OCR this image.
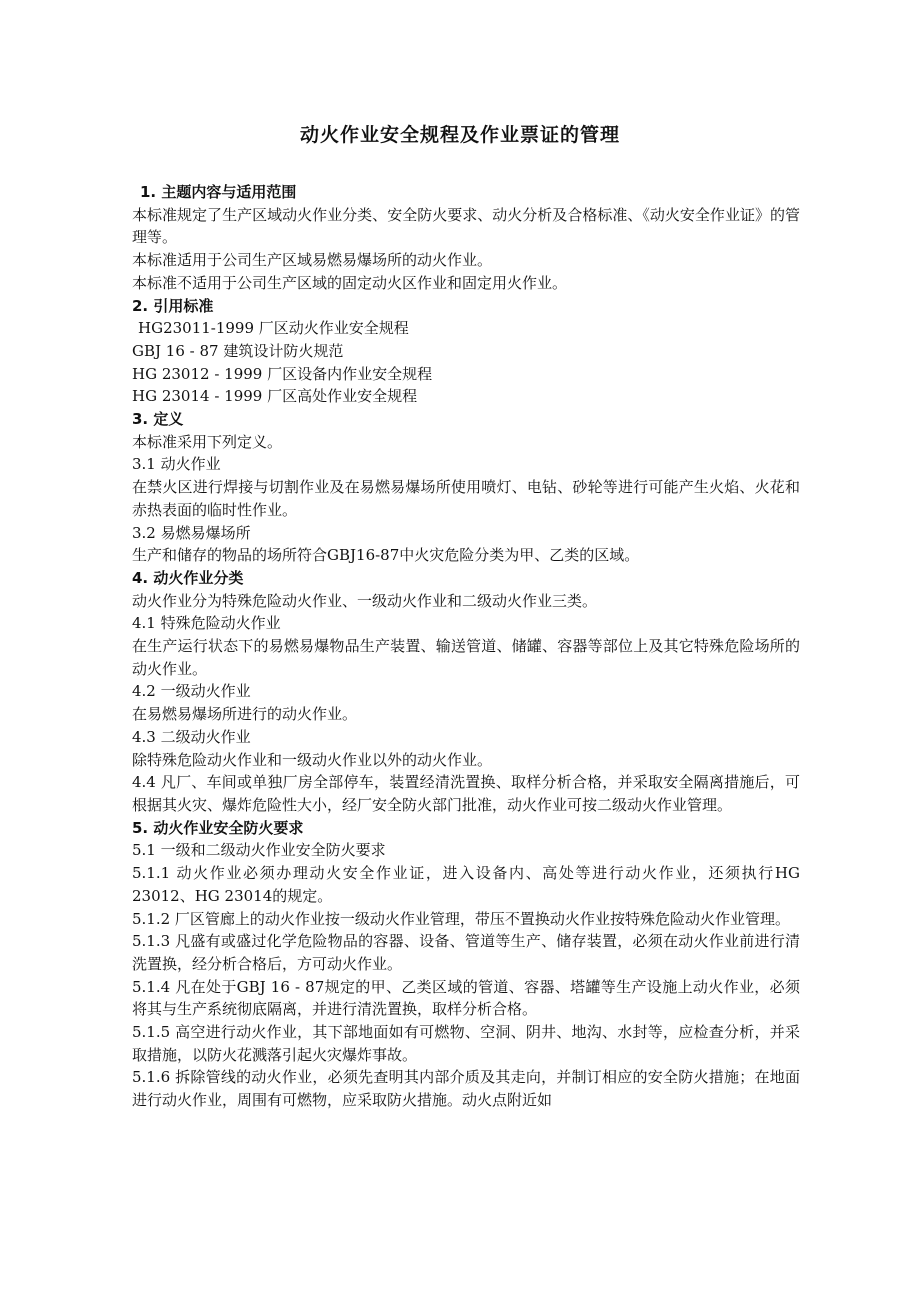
动火作业安全规程及作业票证的管理

1. 主题内容与适用范围

本标准规定了生产区域动火作业分类、安全防火要求、动火分析及合格标准、《动火安全作业证》的管理等。

本标准适用于公司生产区域易燃易爆场所的动火作业。

本标准不适用于公司生产区域的固定动火区作业和固定用火作业。

2. 引用标准

HG23011-1999 厂区动火作业安全规程

GBJ 16 - 87 建筑设计防火规范

HG 23012 - 1999 厂区设备内作业安全规程

HG 23014 - 1999 厂区高处作业安全规程

3. 定义

本标准采用下列定义。

3.1 动火作业

在禁火区进行焊接与切割作业及在易燃易爆场所使用喷灯、电钻、砂轮等进行可能产生火焰、火花和赤热表面的临时性作业。

3.2 易燃易爆场所

生产和储存的物品的场所符合GBJ16-87中火灾危险分类为甲、乙类的区域。

4. 动火作业分类

动火作业分为特殊危险动火作业、一级动火作业和二级动火作业三类。

4.1 特殊危险动火作业

在生产运行状态下的易燃易爆物品生产装置、输送管道、储罐、容器等部位上及其它特殊危险场所的动火作业。

4.2 一级动火作业

在易燃易爆场所进行的动火作业。

4.3 二级动火作业

除特殊危险动火作业和一级动火作业以外的动火作业。

4.4 凡厂、车间或单独厂房全部停车，装置经清洗置换、取样分析合格，并采取安全隔离措施后，可根据其火灾、爆炸危险性大小，经厂安全防火部门批准，动火作业可按二级动火作业管理。

5. 动火作业安全防火要求

5.1 一级和二级动火作业安全防火要求

5.1.1 动火作业必须办理动火安全作业证，进入设备内、高处等进行动火作业，还须执行HG 23012、HG 23014的规定。

5.1.2 厂区管廊上的动火作业按一级动火作业管理，带压不置换动火作业按特殊危险动火作业管理。

5.1.3 凡盛有或盛过化学危险物品的容器、设备、管道等生产、储存装置，必须在动火作业前进行清洗置换，经分析合格后，方可动火作业。

5.1.4 凡在处于GBJ 16 - 87规定的甲、乙类区域的管道、容器、塔罐等生产设施上动火作业，必须将其与生产系统彻底隔离，并进行清洗置换，取样分析合格。

5.1.5 高空进行动火作业，其下部地面如有可燃物、空洞、阴井、地沟、水封等，应检查分析，并采取措施，以防火花溅落引起火灾爆炸事故。

5.1.6 拆除管线的动火作业，必须先查明其内部介质及其走向，并制订相应的安全防火措施；在地面进行动火作业，周围有可燃物，应采取防火措施。动火点附近如
